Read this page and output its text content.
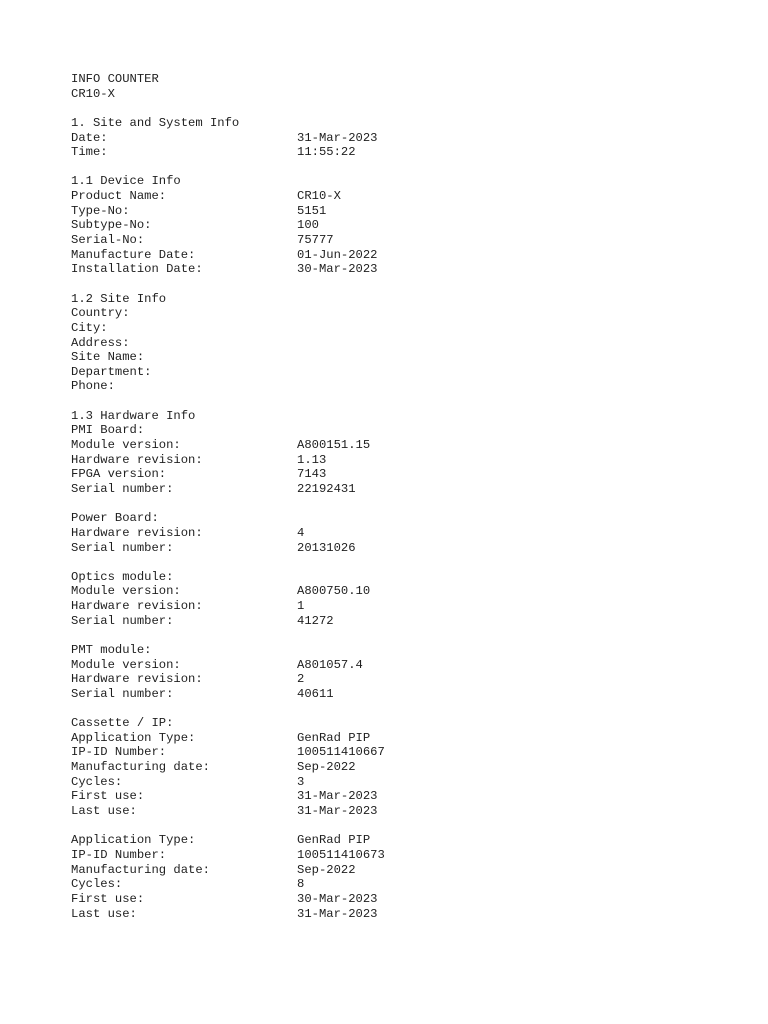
INFO COUNTER
CR10-X
1. Site and System Info
Date:	31-Mar-2023
Time:	11:55:22
1.1 Device Info
Product Name:	CR10-X
Type-No:	5151
Subtype-No:	100
Serial-No:	75777
Manufacture Date:	01-Jun-2022
Installation Date:	30-Mar-2023
1.2 Site Info
Country:
City:
Address:
Site Name:
Department:
Phone:
1.3 Hardware Info
PMI Board:
Module version:	A800151.15
Hardware revision:	1.13
FPGA version:	7143
Serial number:	22192431
Power Board:
Hardware revision:	4
Serial number:	20131026
Optics module:
Module version:	A800750.10
Hardware revision:	1
Serial number:	41272
PMT module:
Module version:	A801057.4
Hardware revision:	2
Serial number:	40611
Cassette / IP:
Application Type:	GenRad PIP
IP-ID Number:	100511410667
Manufacturing date:	Sep-2022
Cycles:	3
First use:	31-Mar-2023
Last use:	31-Mar-2023
Application Type:	GenRad PIP
IP-ID Number:	100511410673
Manufacturing date:	Sep-2022
Cycles:	8
First use:	30-Mar-2023
Last use:	31-Mar-2023
